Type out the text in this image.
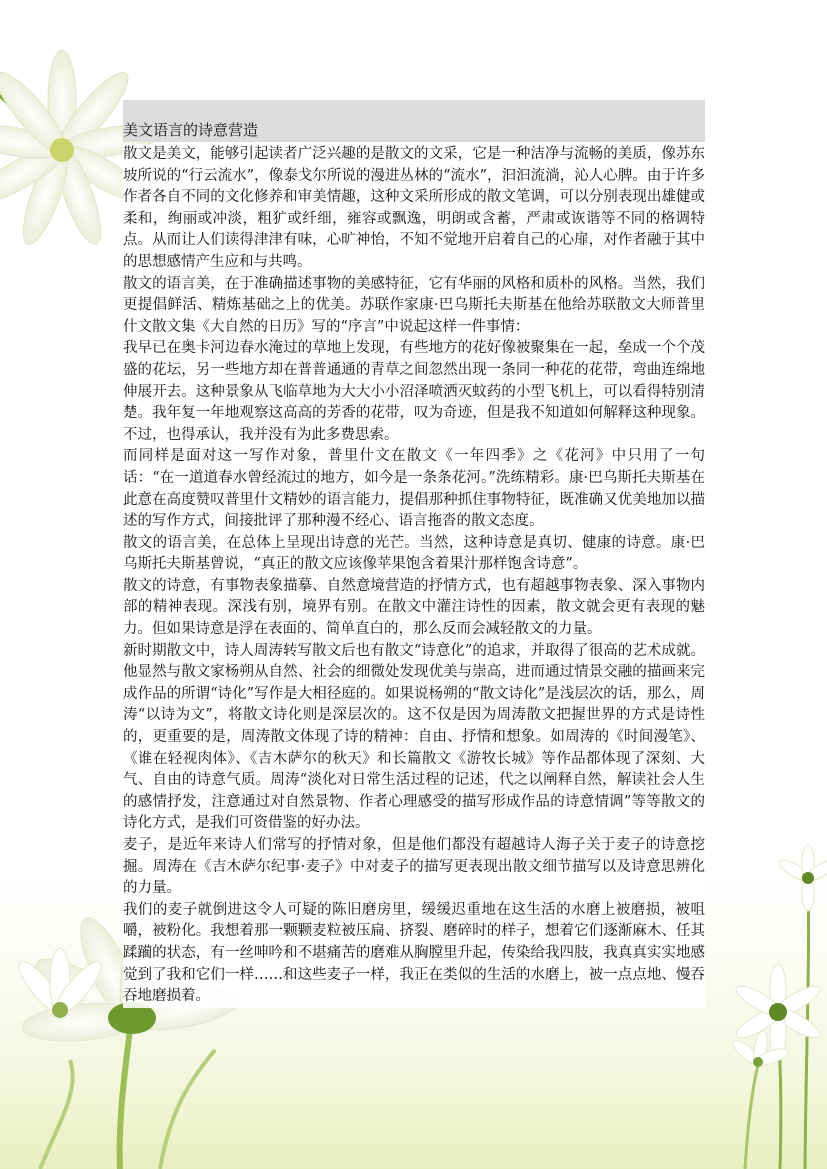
美文语言的诗意营造

散文是美文，能够引起读者广泛兴趣的是散文的文采，它是一种洁净与流畅的美质，像苏东坡所说的“行云流水”，像泰戈尔所说的漫进丛林的“流水”，汩汩流淌，沁人心脾。由于许多作者各自不同的文化修养和审美情趣，这种文采所形成的散文笔调，可以分别表现出雄健或柔和，绚丽或冲淡，粗犷或纤细，雍容或飘逸，明朗或含蓄，严肃或诙谐等不同的格调特点。从而让人们读得津津有味，心旷神怡，不知不觉地开启着自己的心扉，对作者融于其中的思想感情产生应和与共鸣。

散文的语言美，在于准确描述事物的美感特征，它有华丽的风格和质朴的风格。当然，我们更提倡鲜活、精炼基础之上的优美。苏联作家康·巴乌斯托夫斯基在他给苏联散文大师普里什文散文集《大自然的日历》写的“序言”中说起这样一件事情：

我早已在奥卡河边春水淹过的草地上发现，有些地方的花好像被聚集在一起，垒成一个个茂盛的花坛，另一些地方却在普普通通的青草之间忽然出现一条同一种花的花带，弯曲连绵地伸展开去。这种景象从飞临草地为大大小小沼泽喷洒灭蚊药的小型飞机上，可以看得特别清楚。我年复一年地观察这高高的芳香的花带，叹为奇迹，但是我不知道如何解释这种现象。不过，也得承认，我并没有为此多费思索。

而同样是面对这一写作对象，普里什文在散文《一年四季》之《花河》中只用了一句话：“在一道道春水曾经流过的地方，如今是一条条花河。”洗练精彩。康·巴乌斯托夫斯基在此意在高度赞叹普里什文精妙的语言能力，提倡那种抓住事物特征，既准确又优美地加以描述的写作方式，间接批评了那种漫不经心、语言拖沓的散文态度。

散文的语言美，在总体上呈现出诗意的光芒。当然，这种诗意是真切、健康的诗意。康·巴乌斯托夫斯基曾说，“真正的散文应该像苹果饱含着果汁那样饱含诗意”。

散文的诗意，有事物表象描摹、自然意境营造的抒情方式，也有超越事物表象、深入事物内部的精神表现。深浅有别，境界有别。在散文中灌注诗性的因素，散文就会更有表现的魅力。但如果诗意是浮在表面的、简单直白的，那么反而会减轻散文的力量。

新时期散文中，诗人周涛转写散文后也有散文“诗意化”的追求，并取得了很高的艺术成就。他显然与散文家杨朔从自然、社会的细微处发现优美与崇高，进而通过情景交融的描画来完成作品的所谓“诗化”写作是大相径庭的。如果说杨朔的“散文诗化”是浅层次的话，那么，周涛“以诗为文”，将散文诗化则是深层次的。这不仅是因为周涛散文把握世界的方式是诗性的，更重要的是，周涛散文体现了诗的精神：自由、抒情和想象。如周涛的《时间漫笔》、《谁在轻视肉体》、《吉木萨尔的秋天》和长篇散文《游牧长城》等作品都体现了深刻、大气、自由的诗意气质。周涛“淡化对日常生活过程的记述，代之以阐释自然，解读社会人生的感情抒发，注意通过对自然景物、作者心理感受的描写形成作品的诗意情调”等等散文的诗化方式，是我们可资借鉴的好办法。

麦子，是近年来诗人们常写的抒情对象，但是他们都没有超越诗人海子关于麦子的诗意挖掘。周涛在《吉木萨尔纪事·麦子》中对麦子的描写更表现出散文细节描写以及诗意思辨化的力量。

我们的麦子就倒进这令人可疑的陈旧磨房里，缓缓迟重地在这生活的水磨上被磨损，被咀嚼，被粉化。我想着那一颗颗麦粒被压扁、挤裂、磨碎时的样子，想着它们逐渐麻木、任其蹂躏的状态，有一丝呻吟和不堪痛苦的磨难从胸膛里升起，传染给我四肢，我真真实实地感觉到了我和它们一样……和这些麦子一样，我正在类似的生活的水磨上，被一点点地、慢吞吞地磨损着。
